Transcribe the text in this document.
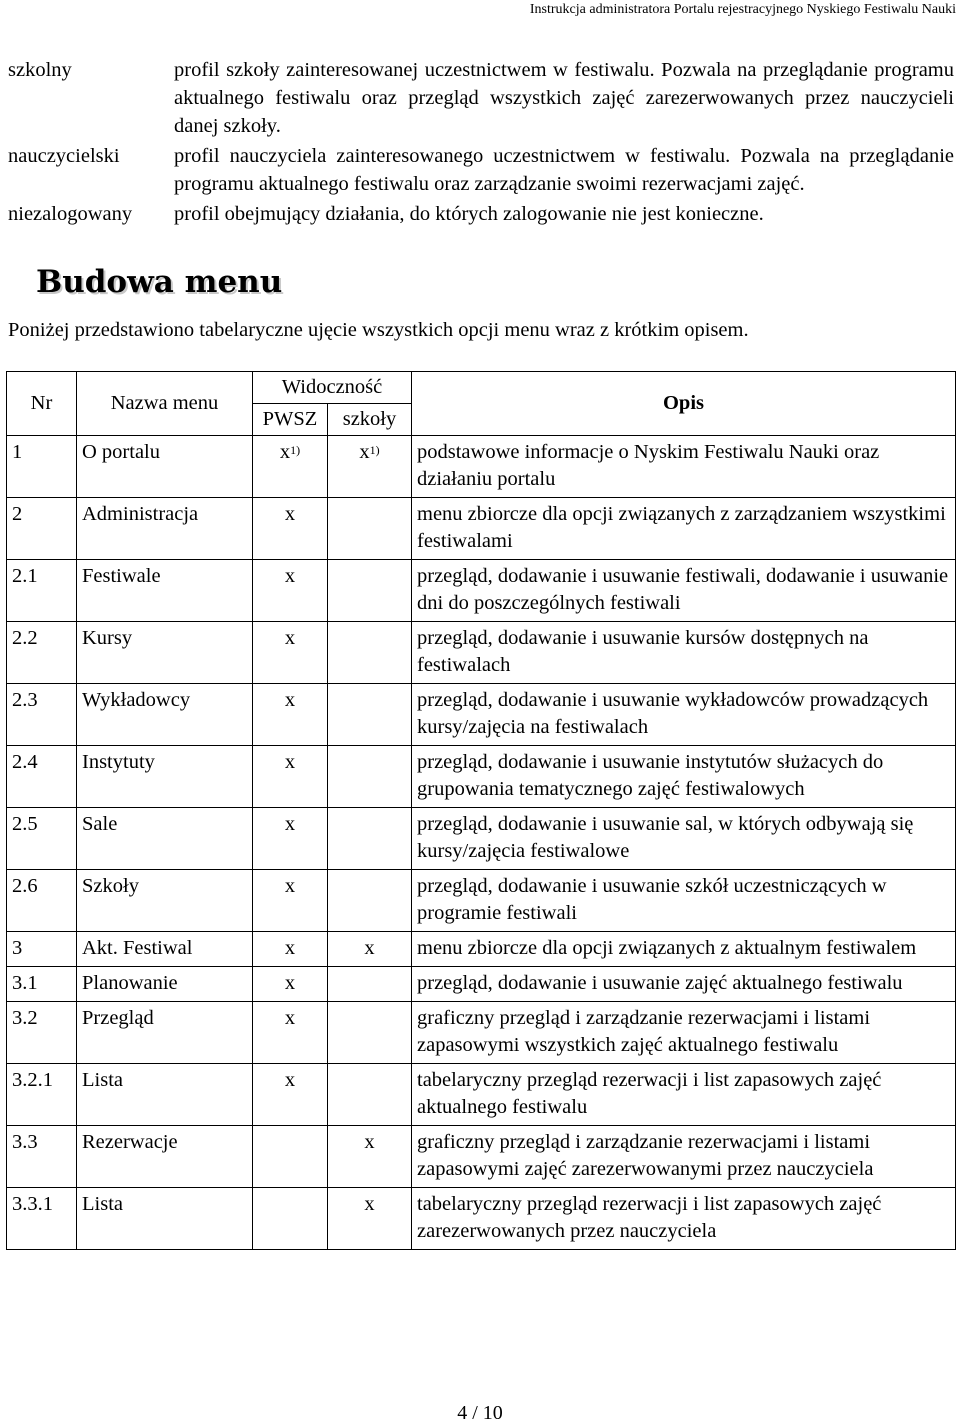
Instrukcja administratora Portalu rejestracyjnego Nyskiego Festiwalu Nauki
szkolny	profil szkoły zainteresowanej uczestnictwem w festiwalu. Pozwala na przeglądanie programu aktualnego festiwalu oraz przegląd wszystkich zajęć zarezerwowanych przez nauczycieli danej szkoły.
nauczycielski	profil nauczyciela zainteresowanego uczestnictwem w festiwalu. Pozwala na przeglądanie programu aktualnego festiwalu oraz zarządzanie swoimi rezerwacjami zajęć.
niezalogowany profil obejmujący działania, do których zalogowanie nie jest konieczne.
Budowa menu
Poniżej przedstawiono tabelaryczne ujęcie wszystkich opcji menu wraz z krótkim opisem.
Nr	Nazwa menu	Widoczność		Opis
		PWSZ	szkoły	
1	O portalu	$x^{1)}$	$x^{1)}$	podstawowe informacje o Nyskim Festiwalu Nauki oraz działaniu portalu
2	Administracja	x		menu zbiorcze dla opcji związanych z zarządzaniem wszystkimi festiwalami
2.1	Festiwale	x		przegląd, dodawanie i usuwanie festiwali, dodawanie i usuwanie dni do poszczególnych festiwali
2.2	Kursy	x		przegląd, dodawanie i usuwanie kursów dostępnych na festiwalach
2.3	Wykładowcy	x		przegląd, dodawanie i usuwanie wykładowców prowadzących kursy/zajęcia na festiwalach
2.4	Instytuty	x		przegląd, dodawanie i usuwanie instytutów służacych do grupowania tematycznego zajęć festiwalowych
2.5	Sale	x		przegląd, dodawanie i usuwanie sal, w których odbywają się kursy/zajęcia festiwalowe
2.6	Szkoły	x		przegląd, dodawanie i usuwanie szkół uczestniczących w programie festiwali
3	Akt. Festiwal	x	x	menu zbiorcze dla opcji związanych z aktualnym festiwalem
3.1	Planowanie	x		przegląd, dodawanie i usuwanie zajęć aktualnego festiwalu
3.2	Przegląd	x		graficzny przegląd i zarządzanie rezerwacjami i listami zapasowymi wszystkich zajęć aktualnego festiwalu
3.2.1	Lista	x		tabelaryczny przegląd rezerwacji i list zapasowych zajęć aktualnego festiwalu
3.3	Rezerwacje		x	graficzny przegląd i zarządzanie rezerwacjami i listami zapasowymi zajęć zarezerwowanymi przez nauczyciela
3.3.1	Lista		x	tabelaryczny przegląd rezerwacji i list zapasowych zajęć zarezerwowanych przez nauczyciela
4 / 10
